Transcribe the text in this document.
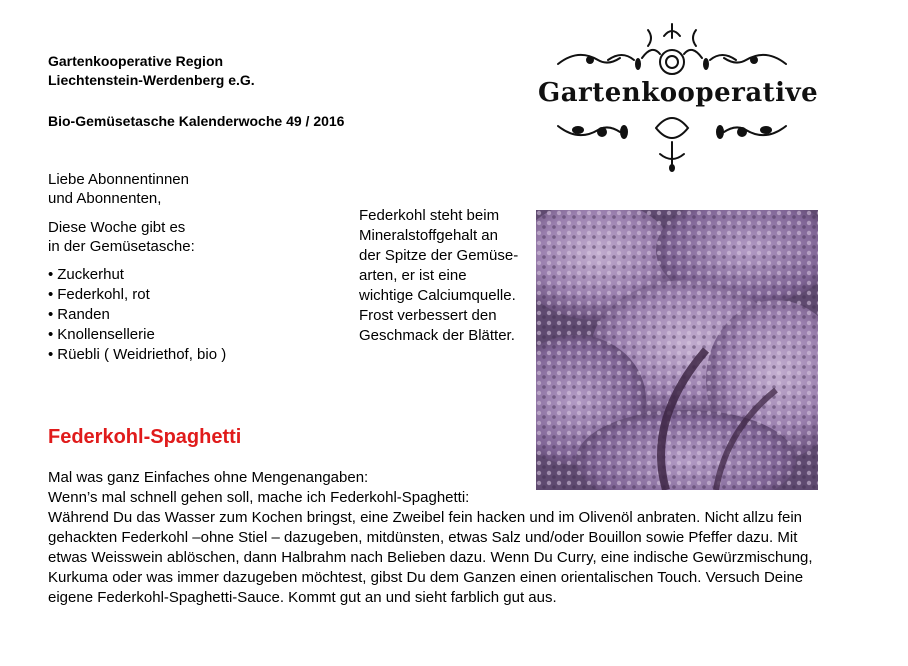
Gartenkooperative Region
Liechtenstein-Werdenberg e.G.
Bio-Gemüsetasche Kalenderwoche 49 / 2016
Gartenkooperative
Liebe Abonnentinnen
und Abonnenten,
Diese Woche gibt es
in der Gemüsetasche:
• Zuckerhut
• Federkohl, rot
• Randen
• Knollensellerie
• Rüebli ( Weidriethof, bio )
Federkohl steht beim
Mineralstoffgehalt an
der Spitze der Gemüse-
arten, er ist eine
wichtige Calciumquelle.
Frost verbessert den
Geschmack der Blätter.
Federkohl-Spaghetti

Mal was ganz Einfaches ohne Mengenangaben:

Wenn’s mal schnell gehen soll, mache ich Federkohl-Spaghetti:

Während Du das Wasser zum Kochen bringst, eine Zweibel fein hacken und im Olivenöl anbraten. Nicht allzu fein

gehackten Federkohl –ohne Stiel – dazugeben, mitdünsten, etwas Salz und/oder Bouillon sowie Pfeffer dazu. Mit

etwas Weisswein ablöschen, dann Halbrahm nach Belieben dazu. Wenn Du Curry, eine indische Gewürzmischung,

Kurkuma oder was immer dazugeben möchtest, gibst Du dem Ganzen einen orientalischen Touch. Versuch Deine

eigene Federkohl-Spaghetti-Sauce. Kommt gut an und sieht farblich gut aus.
